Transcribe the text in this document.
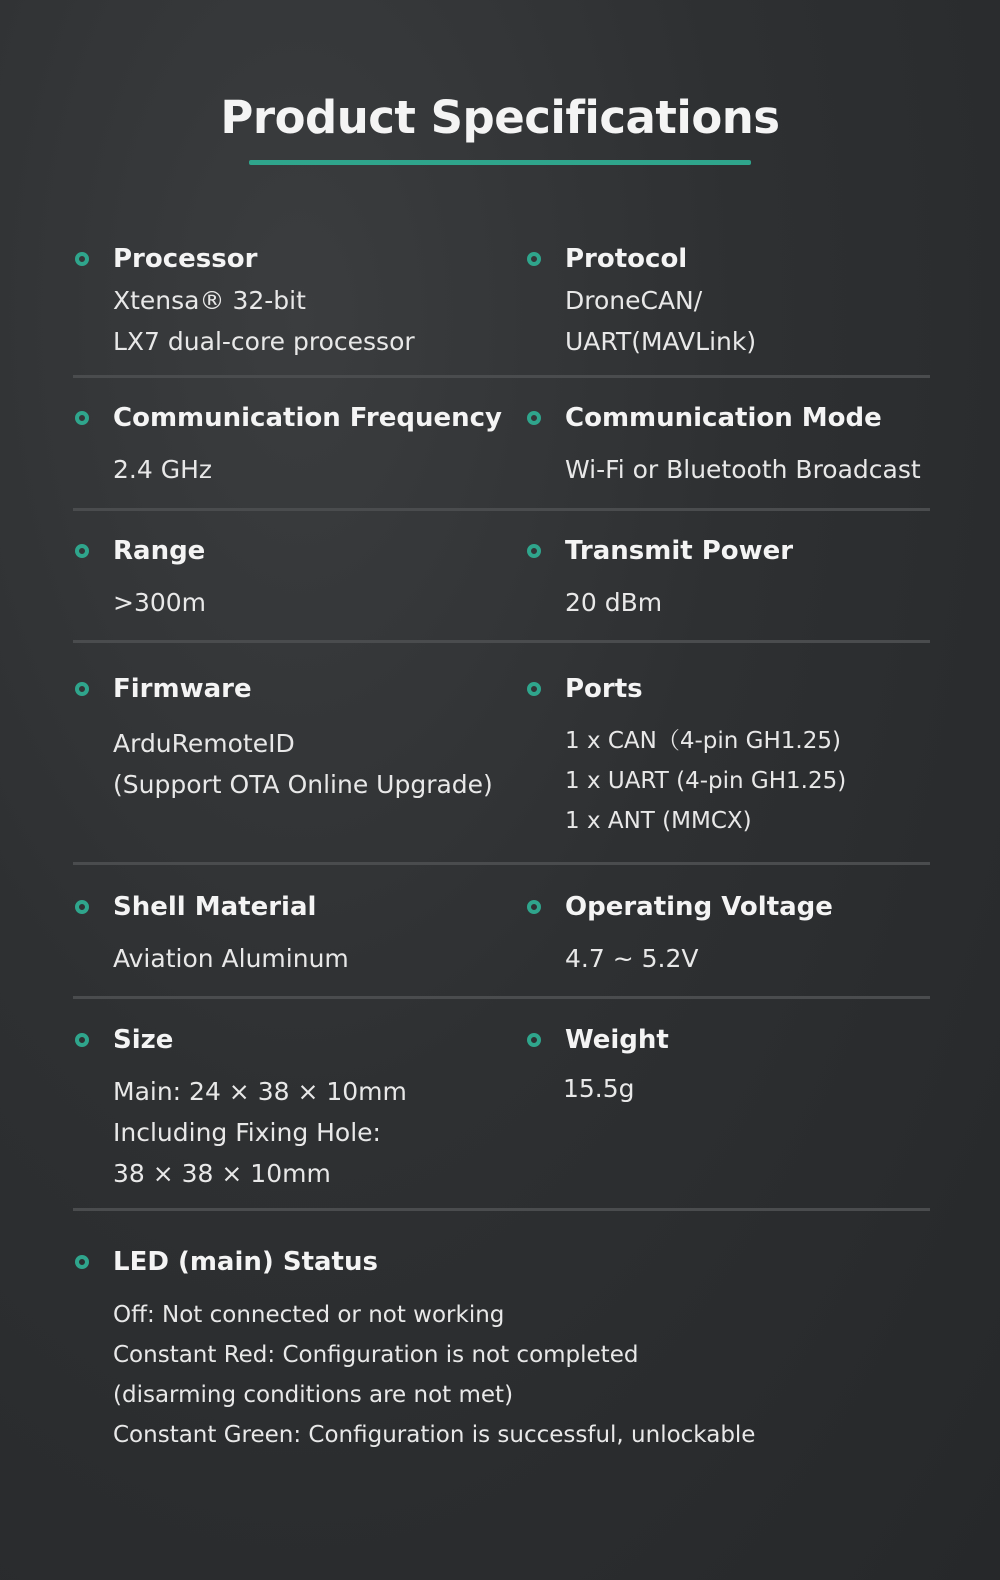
Product Specifications
Processor
Xtensa® 32-bit
LX7 dual-core processor
Protocol
DroneCAN/
UART(MAVLink)
Communication Frequency
2.4 GHz
Communication Mode
Wi-Fi or Bluetooth Broadcast
Range
>300m
Transmit Power
20 dBm
Firmware
ArduRemoteID
(Support OTA Online Upgrade)
Ports
1 x CAN（4-pin GH1.25)
1 x UART (4-pin GH1.25)
1 x ANT (MMCX)
Shell Material
Aviation Aluminum
Operating Voltage
4.7 ~ 5.2V
Size
Main: 24 × 38 × 10mm
Including Fixing Hole:
38 × 38 × 10mm
Weight
15.5g
LED (main) Status
Off: Not connected or not working
Constant Red: Configuration is not completed
(disarming conditions are not met)
Constant Green: Configuration is successful, unlockable
